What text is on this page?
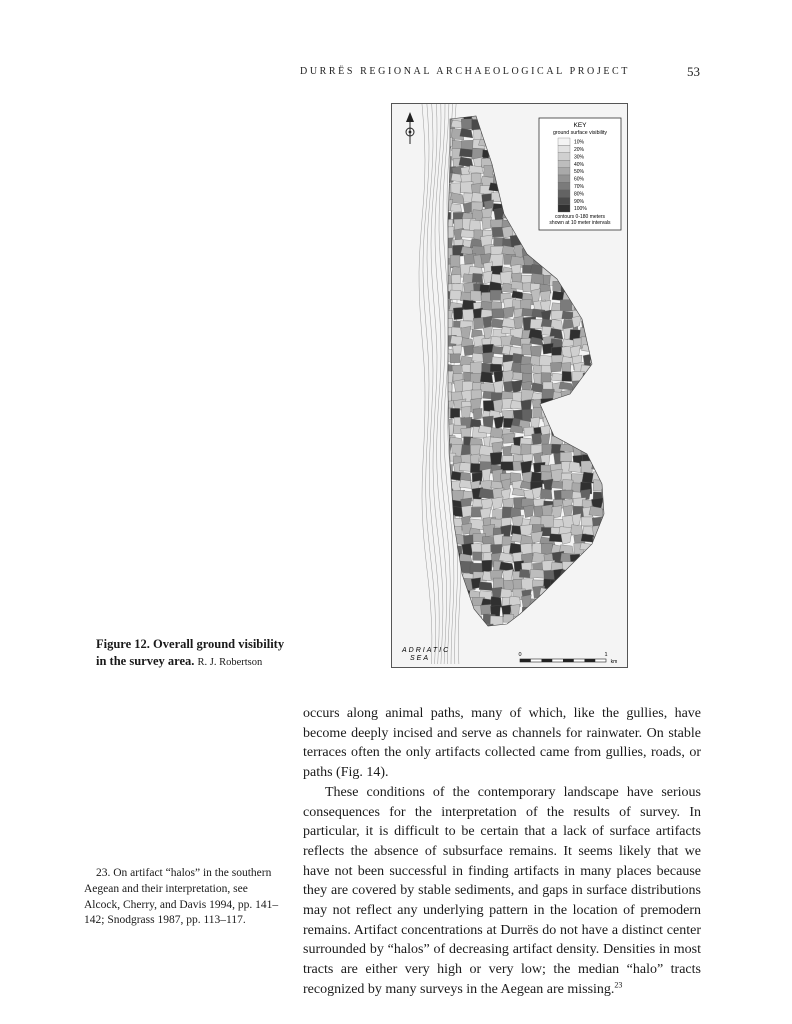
DURRËS REGIONAL ARCHAEOLOGICAL PROJECT	53
KEY
ground surface visibility
10%
20%
30%
40%
50%
60%
70%
80%
90%
100%
contours 0-180 meters
shown at 10 meter intervals
ADRIATIC
SEA	0	1
km
Figure 12. Overall ground visibility
in the survey area. R. J. Robertson

occurs along animal paths, many of which, like the gullies, have become deeply incised and serve as channels for rainwater. On stable terraces often the only artifacts collected came from gullies, roads, or paths (Fig. 14).

These conditions of the contemporary landscape have serious consequences for the interpretation of the results of survey. In particular, it is difficult to be certain that a lack of surface artifacts reflects the absence of subsurface remains. It seems likely that we have not been successful in finding artifacts in many places because they are covered by stable sediments, and gaps in surface distributions may not reflect any underlying pattern in the location of premodern remains. Artifact concentrations at Durrës do not have a distinct center surrounded by “halos” of decreasing artifact density. Densities in most tracts are either very high or very low; the median “halo” tracts recognized by many surveys in the Aegean are missing.$^{23}$

23. On artifact “halos” in the southern Aegean and their interpretation, see Alcock, Cherry, and Davis 1994, pp. 141–142; Snodgrass 1987, pp. 113–117.
